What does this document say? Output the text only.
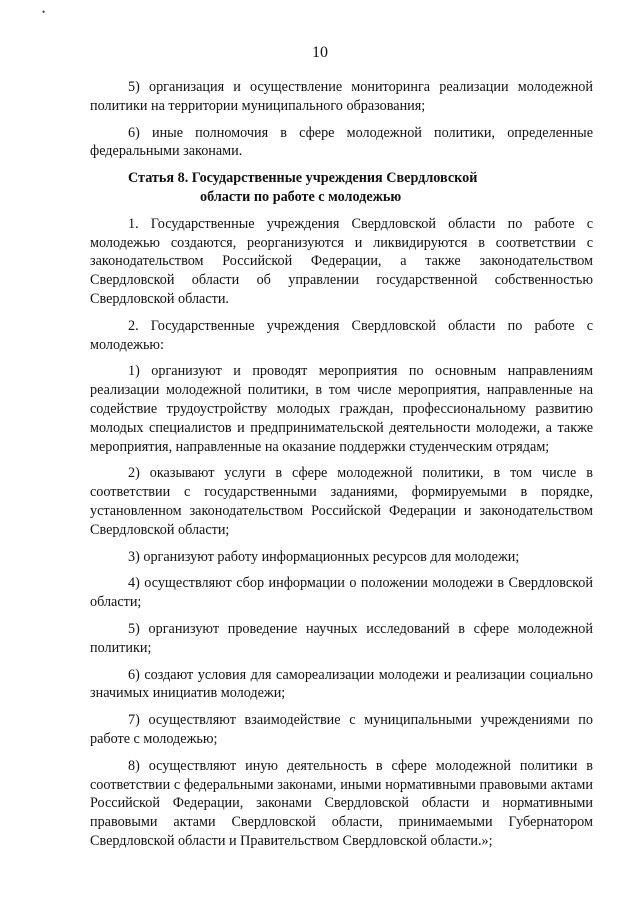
•
10

5) организация и осуществление мониторинга реализации молодежной политики на территории муниципального образования;

6) иные полномочия в сфере молодежной политики, определенные федеральными законами.

Статья 8. Государственные учреждения Свердловской
области по работе с молодежью

1. Государственные учреждения Свердловской области по работе с молодежью создаются, реорганизуются и ликвидируются в соответствии с законодательством Российской Федерации, а также законодательством Свердловской области об управлении государственной собственностью Свердловской области.

2. Государственные учреждения Свердловской области по работе с молодежью:

1) организуют и проводят мероприятия по основным направлениям реализации молодежной политики, в том числе мероприятия, направленные на содействие трудоустройству молодых граждан, профессиональному развитию молодых специалистов и предпринимательской деятельности молодежи, а также мероприятия, направленные на оказание поддержки студенческим отрядам;

2) оказывают услуги в сфере молодежной политики, в том числе в соответствии с государственными заданиями, формируемыми в порядке, установленном законодательством Российской Федерации и законодательством Свердловской области;

3) организуют работу информационных ресурсов для молодежи;

4) осуществляют сбор информации о положении молодежи в Свердловской области;

5) организуют проведение научных исследований в сфере молодежной политики;

6) создают условия для самореализации молодежи и реализации социально значимых инициатив молодежи;

7) осуществляют взаимодействие с муниципальными учреждениями по работе с молодежью;

8) осуществляют иную деятельность в сфере молодежной политики в соответствии с федеральными законами, иными нормативными правовыми актами Российской Федерации, законами Свердловской области и нормативными правовыми актами Свердловской области, принимаемыми Губернатором Свердловской области и Правительством Свердловской области.»;
